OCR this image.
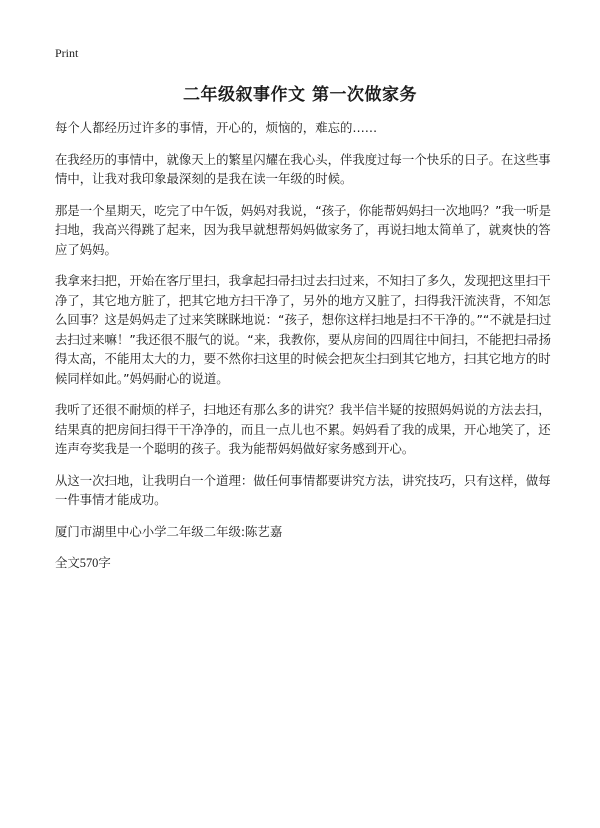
Print
二年级叙事作文 第一次做家务

每个人都经历过许多的事情，开心的，烦恼的，难忘的……

在我经历的事情中，就像天上的繁星闪耀在我心头，伴我度过每一个快乐的日子。在这些事情中，让我对我印象最深刻的是我在读一年级的时候。

那是一个星期天，吃完了中午饭，妈妈对我说，“孩子，你能帮妈妈扫一次地吗？”我一听是扫地，我高兴得跳了起来，因为我早就想帮妈妈做家务了，再说扫地太简单了，就爽快的答应了妈妈。

我拿来扫把，开始在客厅里扫，我拿起扫帚扫过去扫过来，不知扫了多久，发现把这里扫干净了，其它地方脏了，把其它地方扫干净了，另外的地方又脏了，扫得我汗流浃背，不知怎么回事？这是妈妈走了过来笑眯眯地说：“孩子，想你这样扫地是扫不干净的。”“不就是扫过去扫过来嘛！”我还很不服气的说。“来，我教你，要从房间的四周往中间扫，不能把扫帚扬得太高，不能用太大的力，要不然你扫这里的时候会把灰尘扫到其它地方，扫其它地方的时候同样如此。”妈妈耐心的说道。

我听了还很不耐烦的样子，扫地还有那么多的讲究？我半信半疑的按照妈妈说的方法去扫，结果真的把房间扫得干干净净的，而且一点儿也不累。妈妈看了我的成果，开心地笑了，还连声夸奖我是一个聪明的孩子。我为能帮妈妈做好家务感到开心。

从这一次扫地，让我明白一个道理：做任何事情都要讲究方法，讲究技巧，只有这样，做每一件事情才能成功。

厦门市湖里中心小学二年级二年级:陈艺嘉

全文570字
